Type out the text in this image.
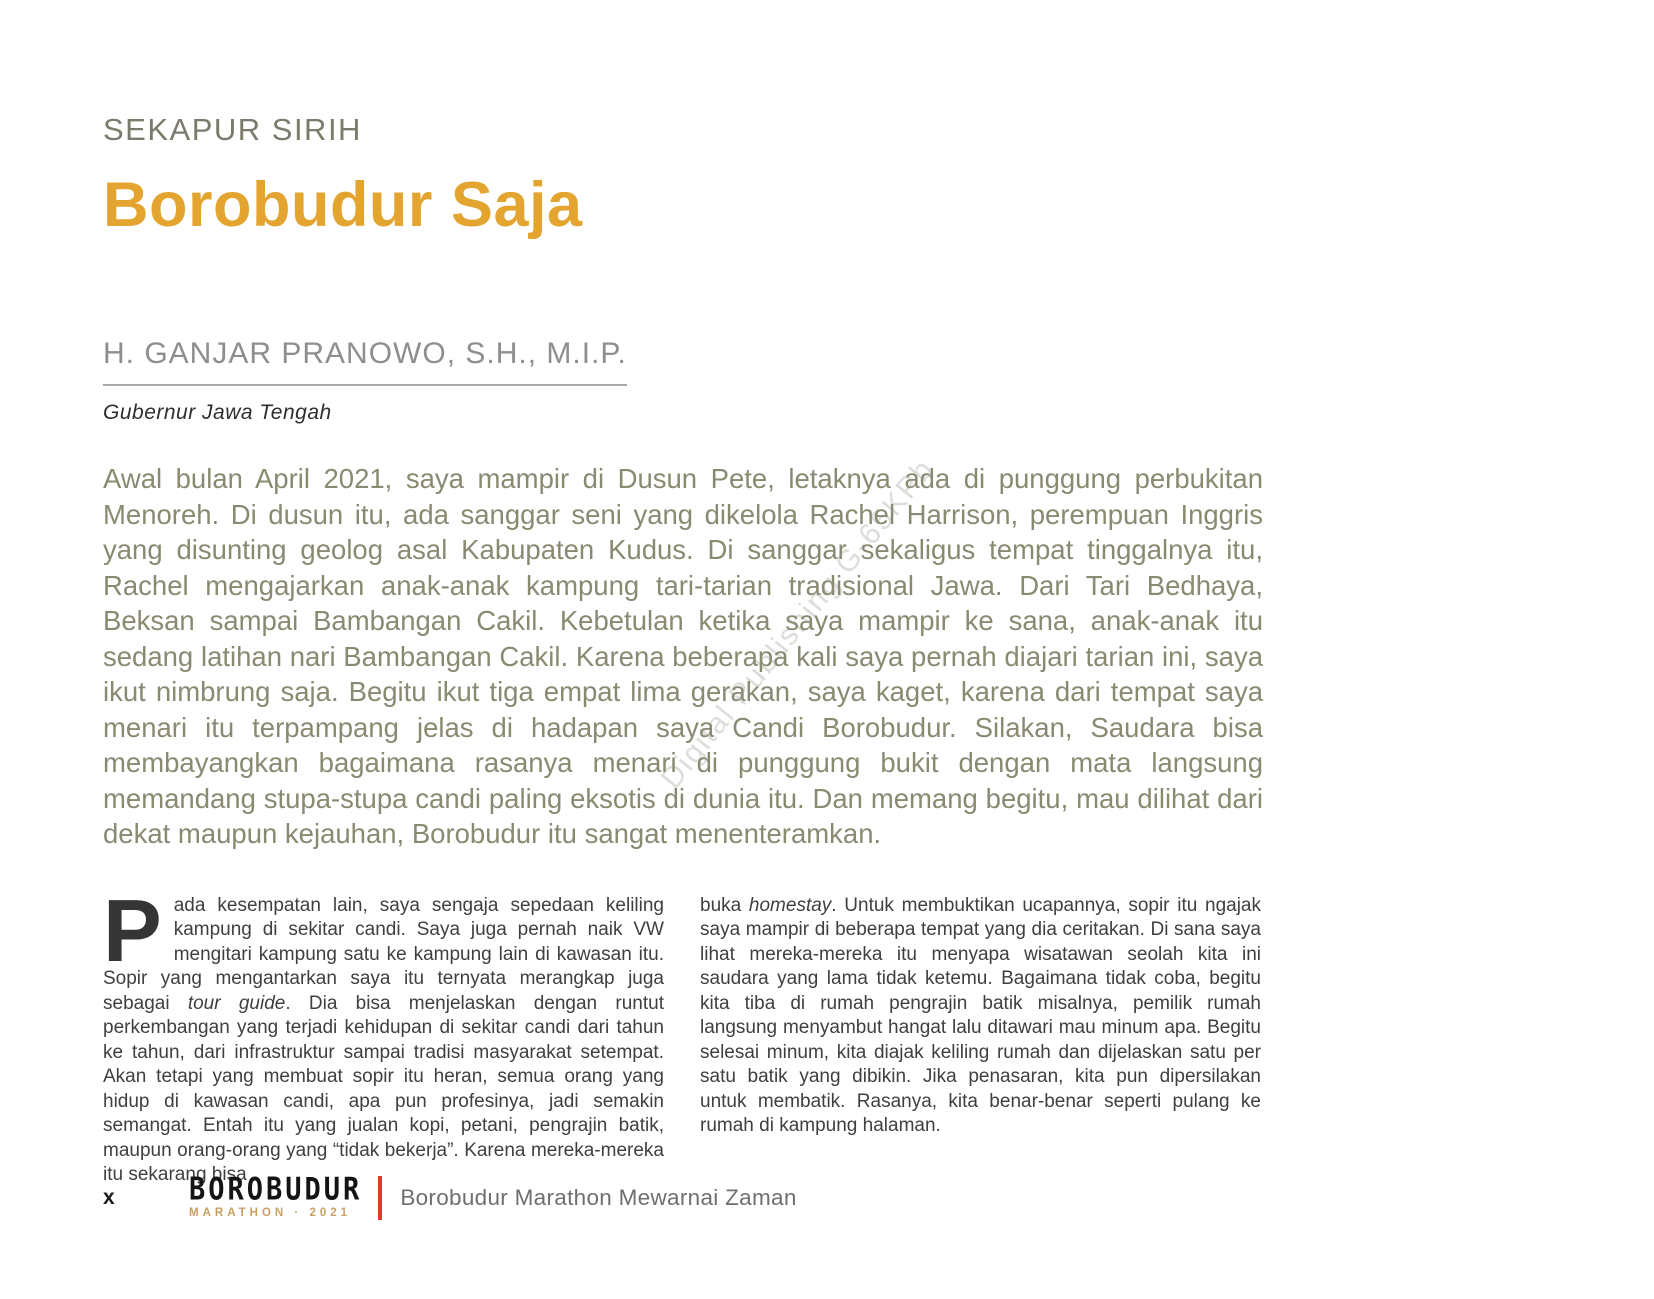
SEKAPUR SIRIH
Borobudur Saja
H. GANJAR PRANOWO, S.H., M.I.P.
Gubernur Jawa Tengah

Awal bulan April 2021, saya mampir di Dusun Pete, letaknya ada di punggung perbukitan Menoreh. Di dusun itu, ada sanggar seni yang dikelola Rachel Harrison, perempuan Inggris yang disunting geolog asal Kabupaten Kudus. Di sanggar sekaligus tempat tinggalnya itu, Rachel mengajarkan anak-anak kampung tari-tarian tradisional Jawa. Dari Tari Bedhaya, Beksan sampai Bambangan Cakil. Kebetulan ketika saya mampir ke sana, anak-anak itu sedang latihan nari Bambangan Cakil. Karena beberapa kali saya pernah diajari tarian ini, saya ikut nimbrung saja. Begitu ikut tiga empat lima gerakan, saya kaget, karena dari tempat saya menari itu terpampang jelas di hadapan saya Candi Borobudur. Silakan, Saudara bisa membayangkan bagaimana rasanya menari di punggung bukit dengan mata langsung memandang stupa-stupa candi paling eksotis di dunia itu. Dan memang begitu, mau dilihat dari dekat maupun kejauhan, Borobudur itu sangat menenteramkan.

Pada kesempatan lain, saya sengaja sepedaan keliling kampung di sekitar candi. Saya juga pernah naik VW mengitari kampung satu ke kampung lain di kawasan itu. Sopir yang mengantarkan saya itu ternyata merangkap juga sebagai tour guide. Dia bisa menjelaskan dengan runtut perkembangan yang terjadi kehidupan di sekitar candi dari tahun ke tahun, dari infrastruktur sampai tradisi masyarakat setempat. Akan tetapi yang membuat sopir itu heran, semua orang yang hidup di kawasan candi, apa pun profesinya, jadi semakin semangat. Entah itu yang jualan kopi, petani, pengrajin batik, maupun orang-orang yang “tidak bekerja”. Karena mereka-mereka itu sekarang bisa
buka homestay. Untuk membuktikan ucapannya, sopir itu ngajak saya mampir di beberapa tempat yang dia ceritakan. Di sana saya lihat mereka-mereka itu menyapa wisatawan seolah kita ini saudara yang lama tidak ketemu. Bagaimana tidak coba, begitu kita tiba di rumah pengrajin batik misalnya, pemilik rumah langsung menyambut hangat lalu ditawari mau minum apa. Begitu selesai minum, kita diajak keliling rumah dan dijelaskan satu per satu batik yang dibikin. Jika penasaran, kita pun dipersilakan untuk membatik. Rasanya, kita benar-benar seperti pulang ke rumah di kampung halaman.
Digital Publishing G-65KPb
x	BOROBUDUR
MARATHON · 2021
Borobudur Marathon Mewarnai Zaman
